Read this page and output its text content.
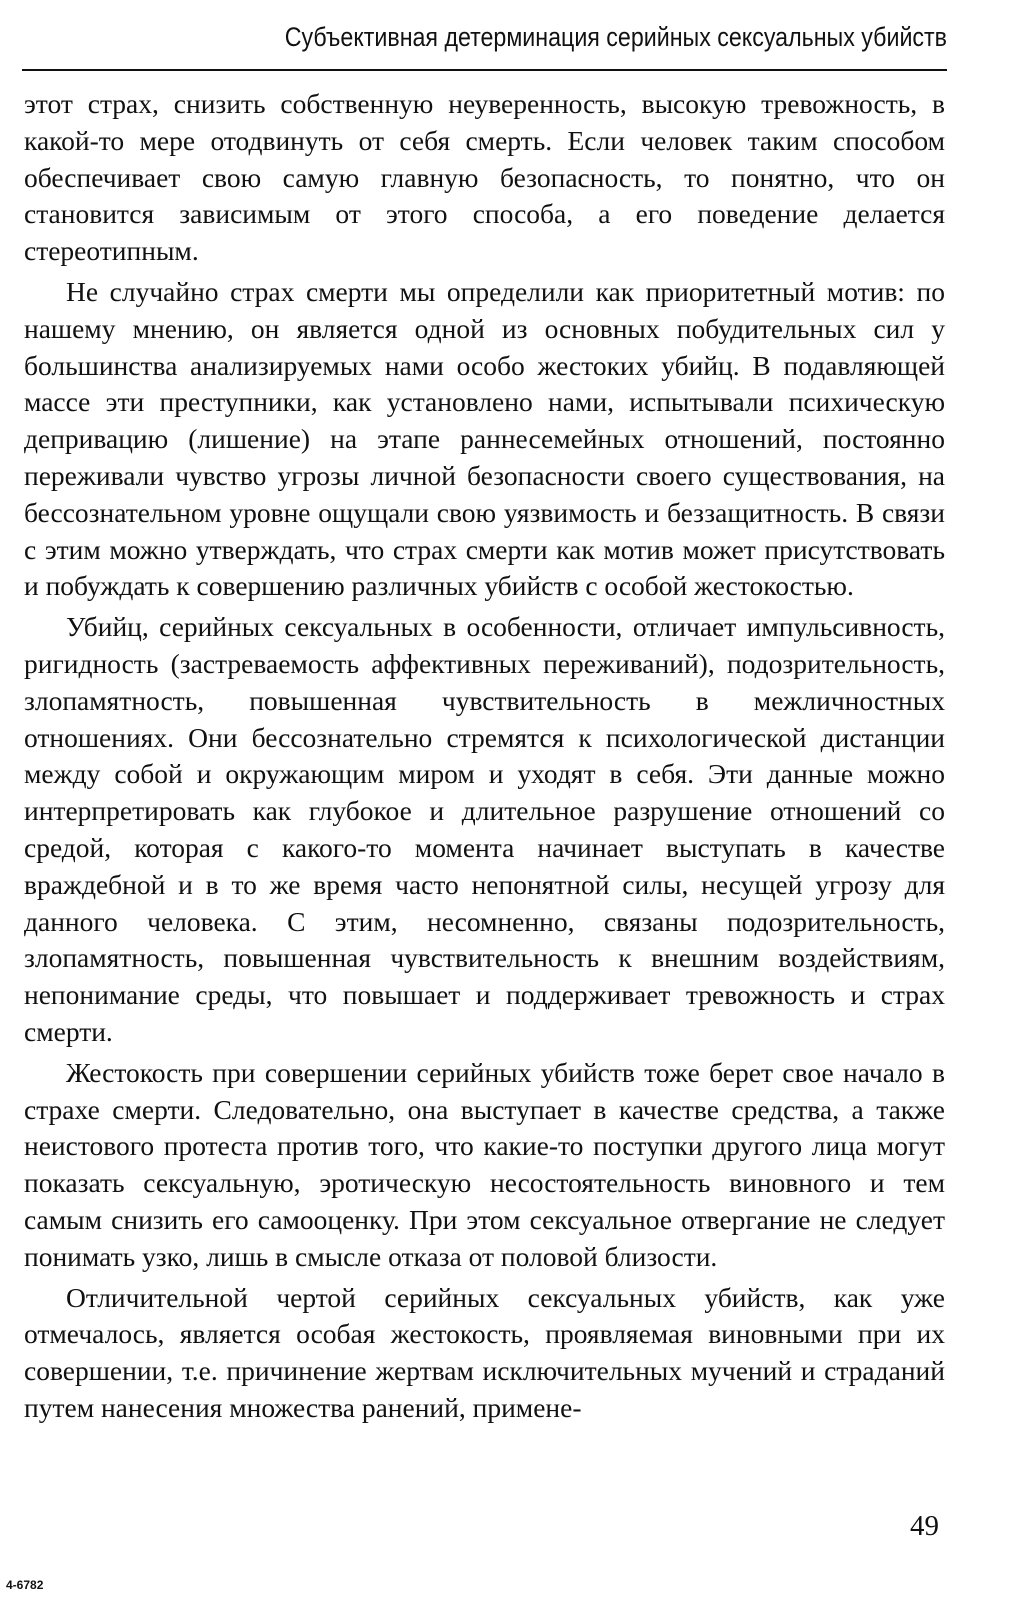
Субъективная детерминация серийных сексуальных убийств

этот страх, снизить собственную неуверенность, высокую тревожность, в какой-то мере отодвинуть от себя смерть. Если человек таким способом обеспечивает свою самую главную безопасность, то понятно, что он становится зависимым от этого способа, а его поведение делается стереотипным.

Не случайно страх смерти мы определили как приоритетный мотив: по нашему мнению, он является одной из основных побудительных сил у большинства анализируемых нами особо жестоких убийц. В подавляющей массе эти преступники, как установлено нами, испытывали психическую депривацию (лишение) на этапе раннесемейных отношений, постоянно переживали чувство угрозы личной безопасности своего существования, на бессознательном уровне ощущали свою уязвимость и беззащитность. В связи с этим можно утверждать, что страх смерти как мотив может присутствовать и побуждать к совершению различных убийств с особой жестокостью.

Убийц, серийных сексуальных в особенности, отличает импульсивность, ригидность (застреваемость аффективных переживаний), подозрительность, злопамятность, повышенная чувствительность в межличностных отношениях. Они бессознательно стремятся к психологической дистанции между собой и окружающим миром и уходят в себя. Эти данные можно интерпретировать как глубокое и длительное разрушение отношений со средой, которая с какого-то момента начинает выступать в качестве враждебной и в то же время часто непонятной силы, несущей угрозу для данного человека. С этим, несомненно, связаны подозрительность, злопамятность, повышенная чувствительность к внешним воздействиям, непонимание среды, что повышает и поддерживает тревожность и страх смерти.

Жестокость при совершении серийных убийств тоже берет свое начало в страхе смерти. Следовательно, она выступает в качестве средства, а также неистового протеста против того, что какие-то поступки другого лица могут показать сексуальную, эротическую несостоятельность виновного и тем самым снизить его самооценку. При этом сексуальное отвергание не следует понимать узко, лишь в смысле отказа от половой близости.

Отличительной чертой серийных сексуальных убийств, как уже отмечалось, является особая жестокость, проявляемая виновными при их совершении, т.е. причинение жертвам исключительных мучений и страданий путем нанесения множества ранений, примене-

49
4-6782
